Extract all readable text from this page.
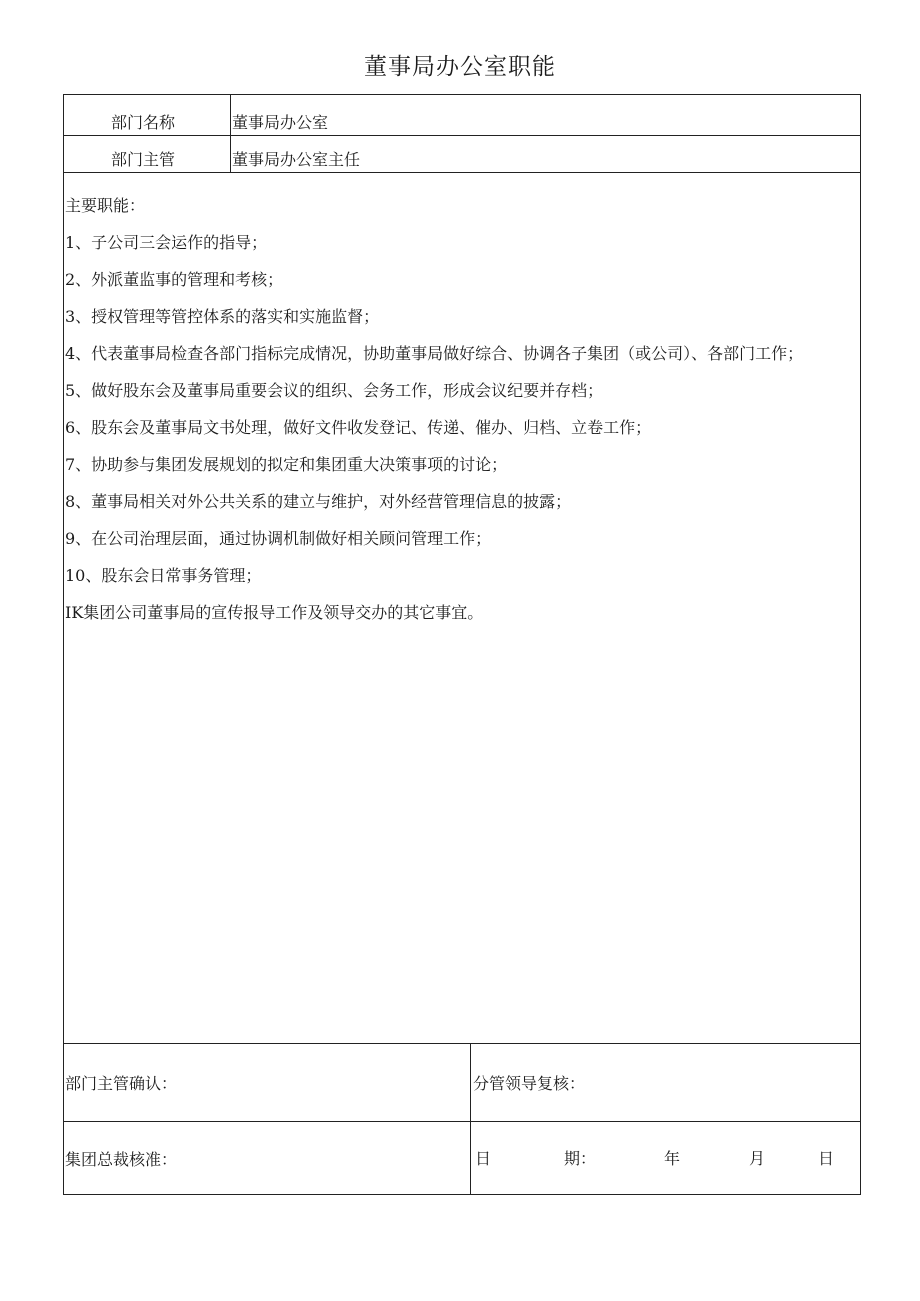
董事局办公室职能
部门名称	董事局办公室
部门主管	董事局办公室主任
主要职能：
1、子公司三会运作的指导；
2、外派董监事的管理和考核；
3、授权管理等管控体系的落实和实施监督；
4、代表董事局检查各部门指标完成情况，协助董事局做好综合、协调各子集团（或公司）、各部门工作；
5、做好股东会及董事局重要会议的组织、会务工作，形成会议纪要并存档；
6、股东会及董事局文书处理，做好文件收发登记、传递、催办、归档、立卷工作；
7、协助参与集团发展规划的拟定和集团重大决策事项的讨论；
8、董事局相关对外公共关系的建立与维护，对外经营管理信息的披露；
9、在公司治理层面，通过协调机制做好相关顾问管理工作；
10、股东会日常事务管理；
IK集团公司董事局的宣传报导工作及领导交办的其它事宜。
部门主管确认：	分管领导复核：
集团总裁核准：	日	期：	年	月	日
